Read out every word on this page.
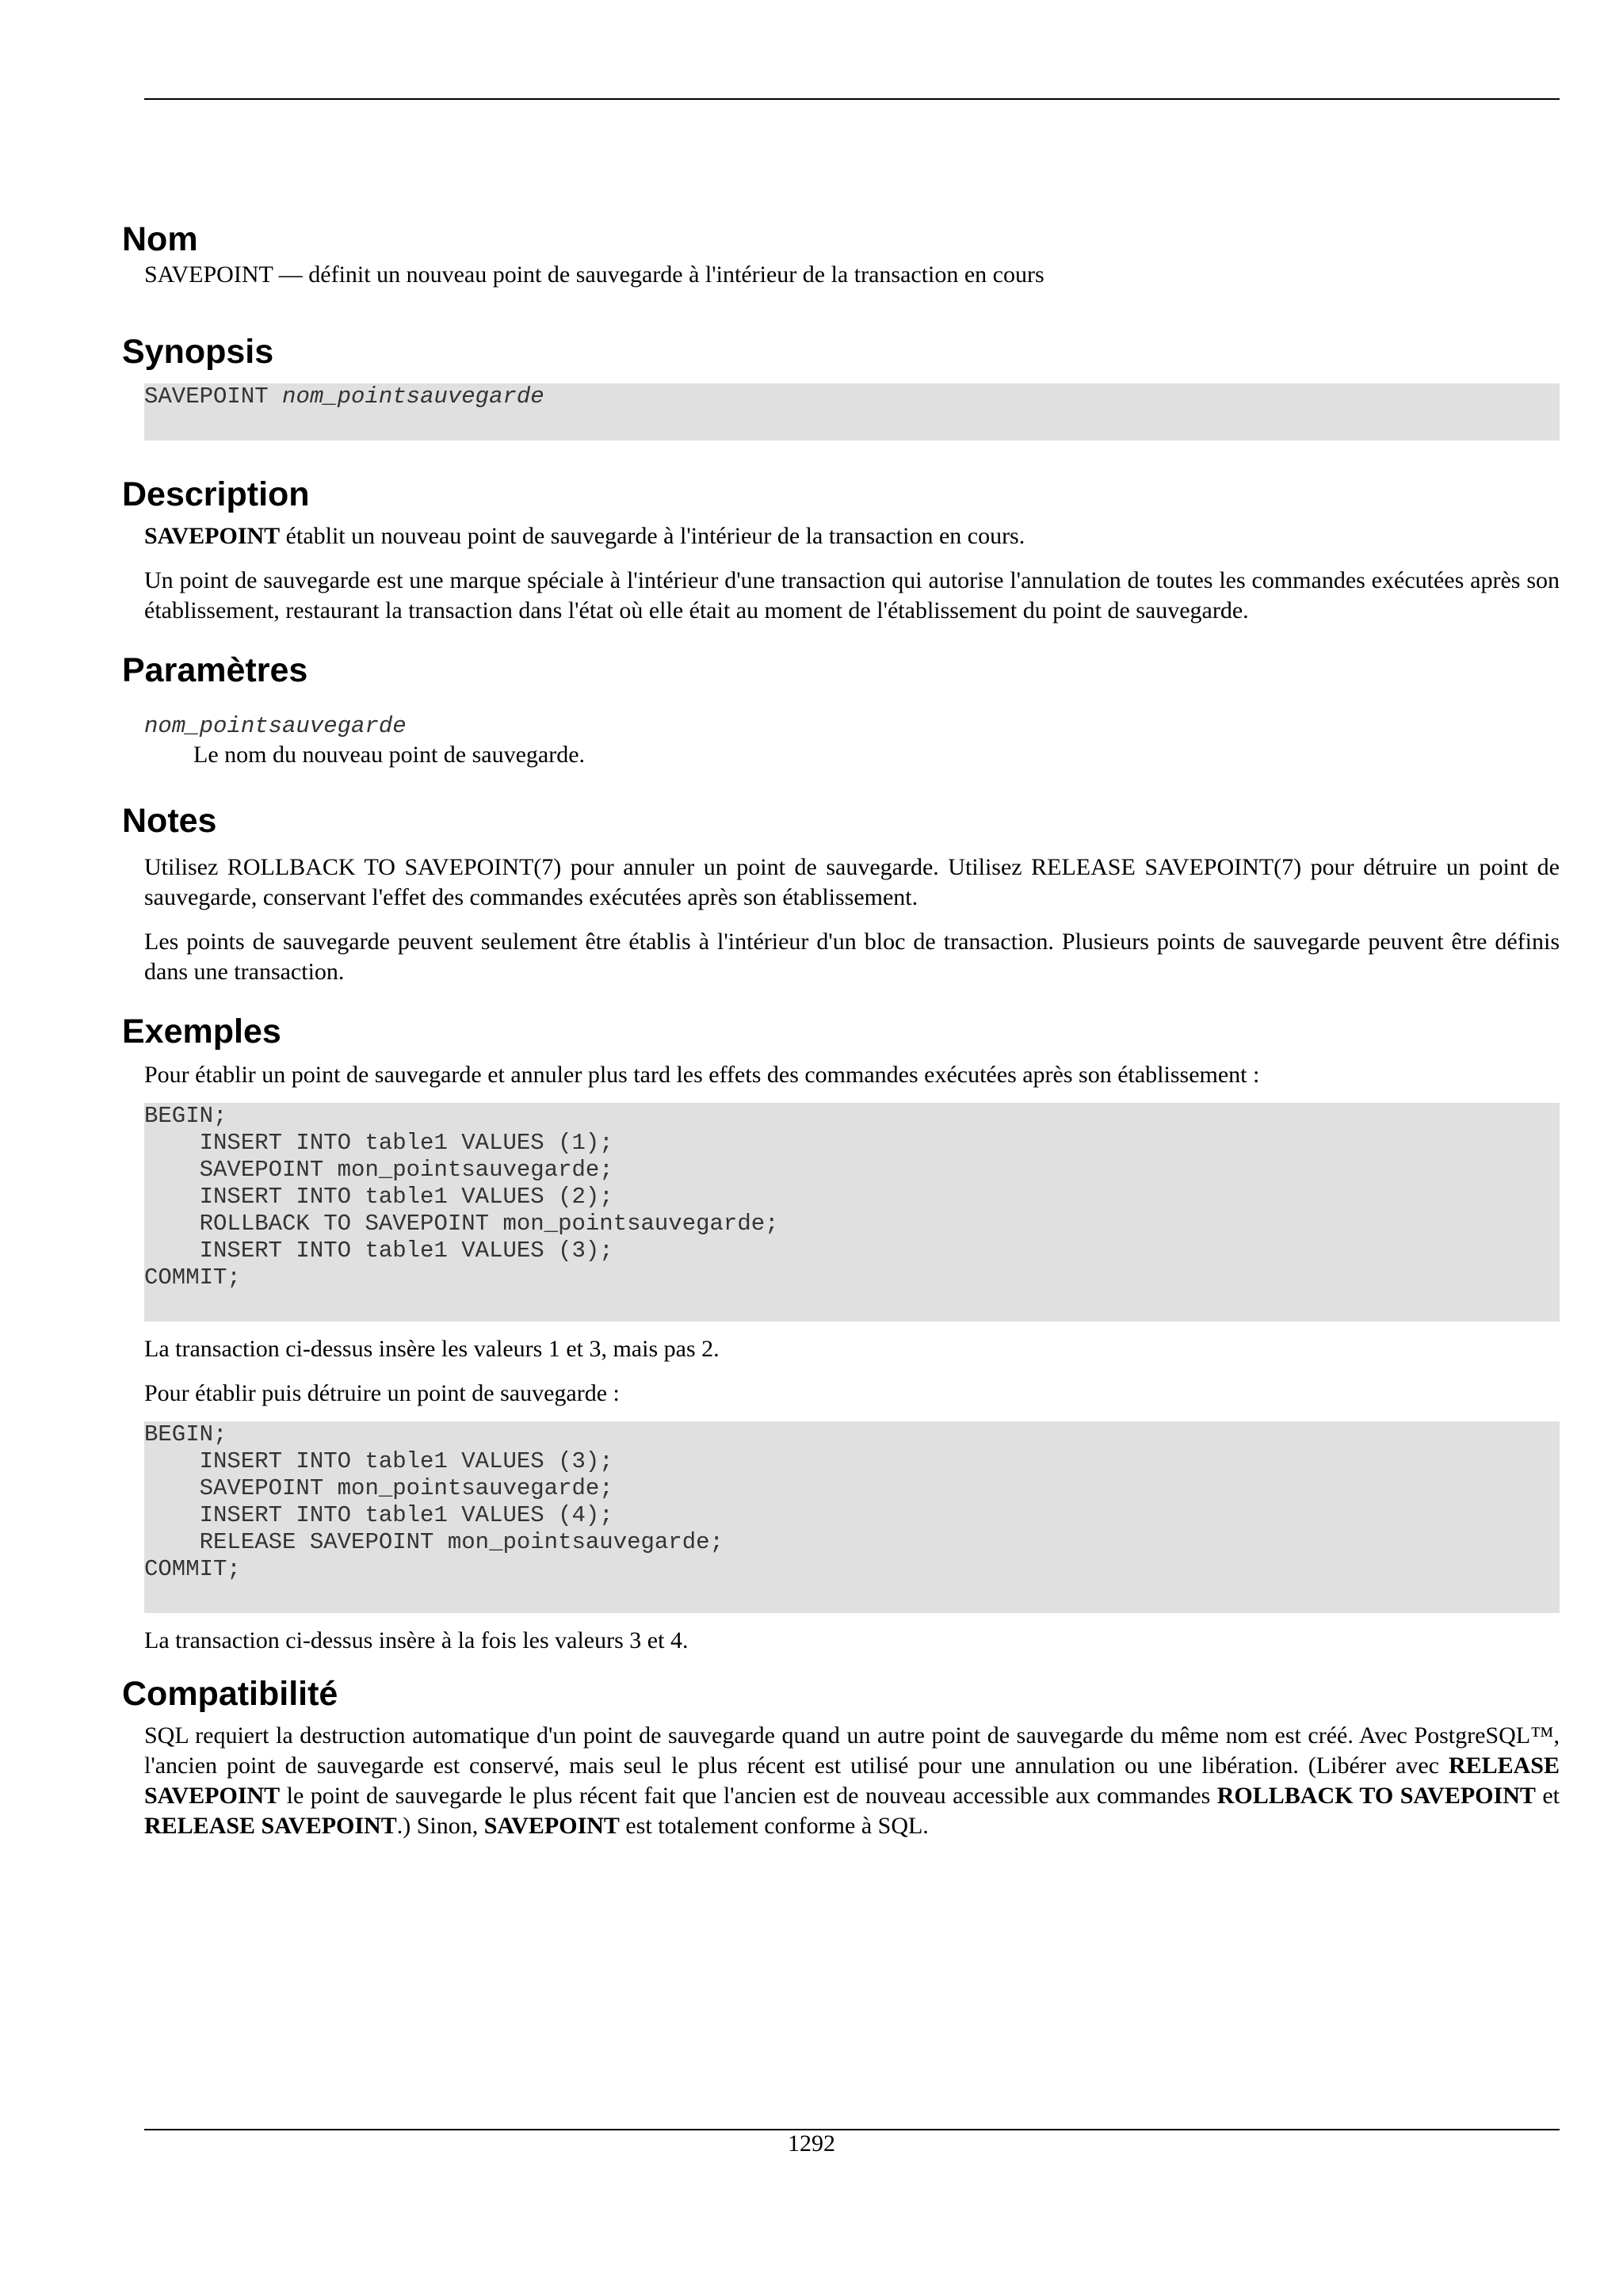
Nom

SAVEPOINT — définit un nouveau point de sauvegarde à l'intérieur de la transaction en cours

Synopsis
SAVEPOINT nom_pointsauvegarde
Description

SAVEPOINT établit un nouveau point de sauvegarde à l'intérieur de la transaction en cours.

Un point de sauvegarde est une marque spéciale à l'intérieur d'une transaction qui autorise l'annulation de toutes les commandes exécutées après son établissement, restaurant la transaction dans l'état où elle était au moment de l'établissement du point de sauvegarde.

Paramètres
nom_pointsauvegarde

Le nom du nouveau point de sauvegarde.

Notes

Utilisez ROLLBACK TO SAVEPOINT(7) pour annuler un point de sauvegarde. Utilisez RELEASE SAVEPOINT(7) pour détruire un point de sauvegarde, conservant l'effet des commandes exécutées après son établissement.

Les points de sauvegarde peuvent seulement être établis à l'intérieur d'un bloc de transaction. Plusieurs points de sauvegarde peuvent être définis dans une transaction.

Exemples

Pour établir un point de sauvegarde et annuler plus tard les effets des commandes exécutées après son établissement :

BEGIN;
INSERT INTO table1 VALUES (1);
SAVEPOINT mon_pointsauvegarde;
INSERT INTO table1 VALUES (2);
ROLLBACK TO SAVEPOINT mon_pointsauvegarde;
INSERT INTO table1 VALUES (3);
COMMIT;

La transaction ci-dessus insère les valeurs 1 et 3, mais pas 2.

Pour établir puis détruire un point de sauvegarde :

BEGIN;
INSERT INTO table1 VALUES (3);
SAVEPOINT mon_pointsauvegarde;
INSERT INTO table1 VALUES (4);
RELEASE SAVEPOINT mon_pointsauvegarde;
COMMIT;

La transaction ci-dessus insère à la fois les valeurs 3 et 4.

Compatibilité

SQL requiert la destruction automatique d'un point de sauvegarde quand un autre point de sauvegarde du même nom est créé. Avec PostgreSQL™, l'ancien point de sauvegarde est conservé, mais seul le plus récent est utilisé pour une annulation ou une libération. (Libérer avec RELEASE SAVEPOINT le point de sauvegarde le plus récent fait que l'ancien est de nouveau accessible aux commandes ROLLBACK TO SAVEPOINT et RELEASE SAVEPOINT.) Sinon, SAVEPOINT est totalement conforme à SQL.

1292
